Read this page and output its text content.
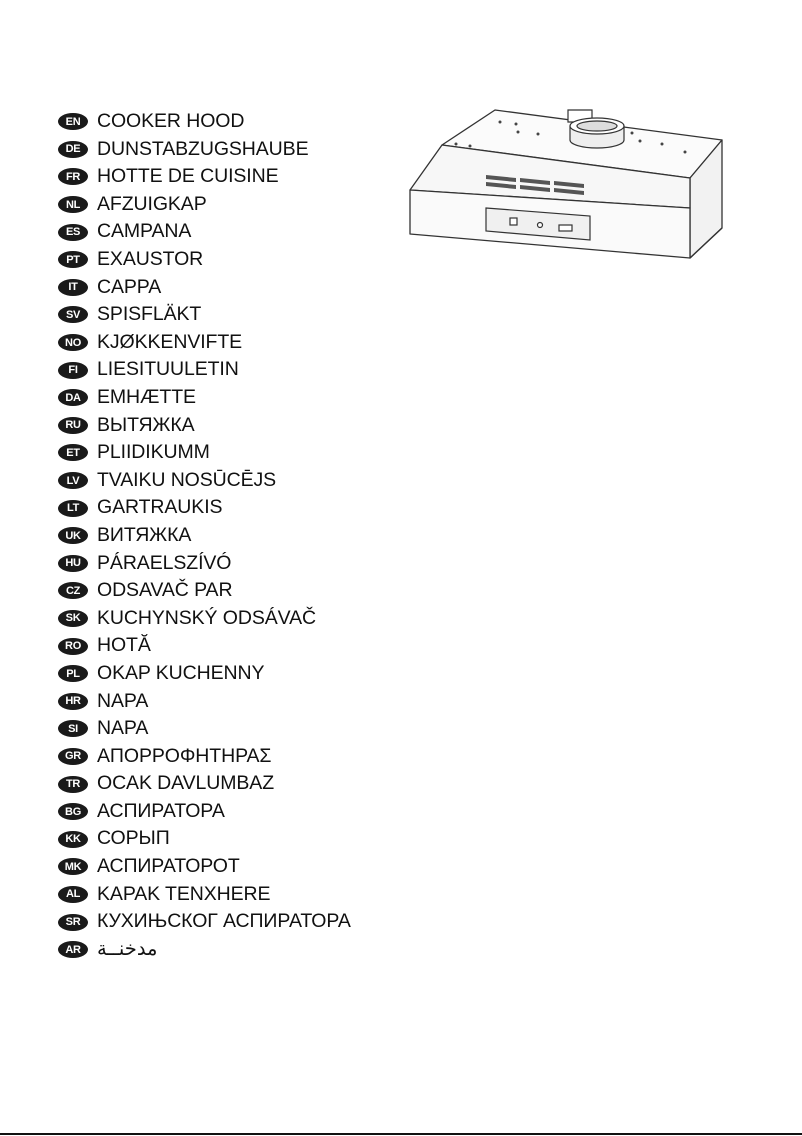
EN COOKER HOOD
DE DUNSTABZUGSHAUBE
FR HOTTE DE CUISINE
NL AFZUIGKAP
ES CAMPANA
PT EXAUSTOR
IT CAPPA
SV SPISFLÄKT
NO KJØKKENVIFTE
FI LIESITUULETIN
DA EMHÆTTE
RU ВЫТЯЖКА
ET PLIIDIKUMM
LV TVAIKU NOSŪCĒJS
LT GARTRAUKIS
UK ВИТЯЖКА
HU PÁRAELSZÍVÓ
CZ ODSAVAČ PAR
SK KUCHYNSKÝ ODSÁVAČ
RO HOTĂ
PL OKAP KUCHENNY
HR NAPA
SI NAPA
GR ΑΠΟΡΡΟΦΗΤΗΡΑΣ
TR OCAK DAVLUMBAZ
BG АСПИРАТОРА
KK СОРЫП
MK АСПИРАТОРОТ
AL KAPAK TENXHERE
SR КУХИЊСКОГ АСПИРАТОРА
AR مدخنــة
